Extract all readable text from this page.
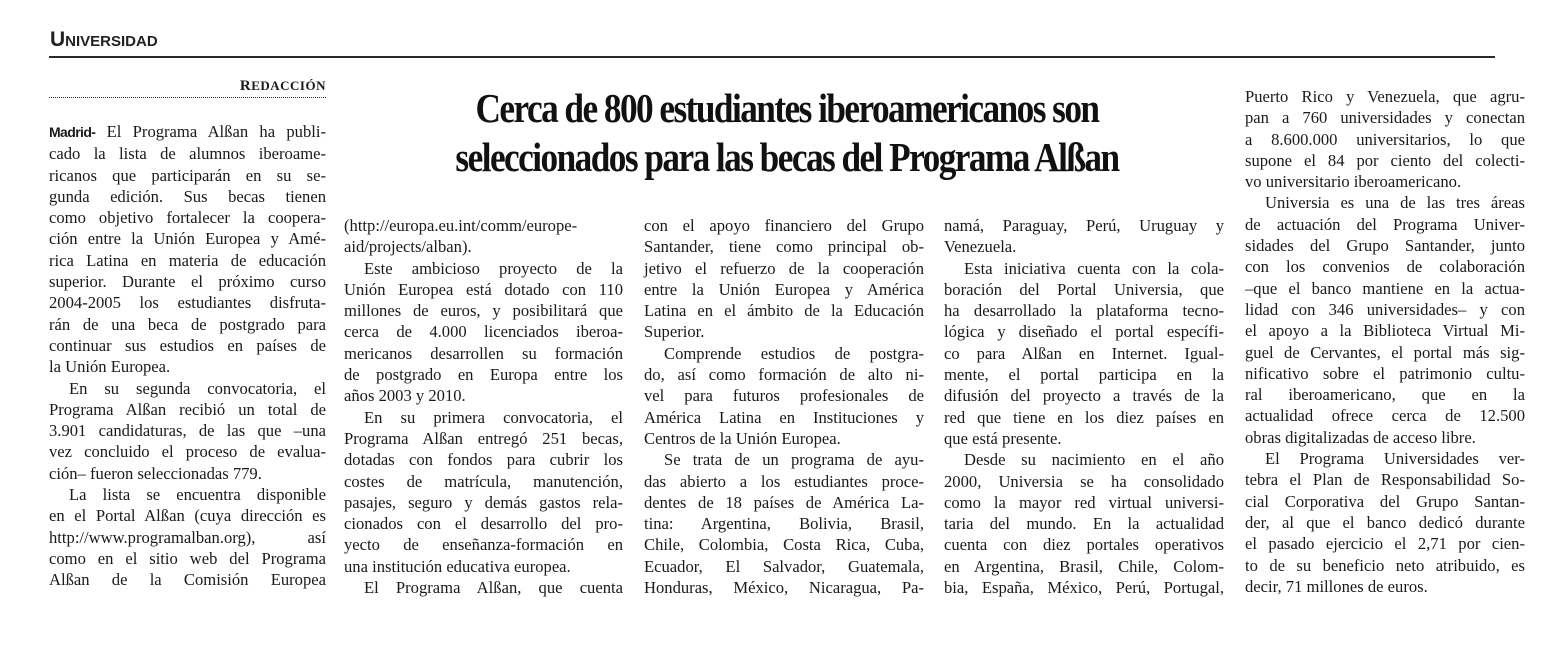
UNIVERSIDAD
REDACCIÓN	Cerca de 800 estudiantes iberoamericanos son
seleccionados para las becas del Programa Alßan
Madrid- El Programa Alßan ha publi-
cado la lista de alumnos iberoame-
ricanos que participarán en su se-
gunda edición. Sus becas tienen
como objetivo fortalecer la coopera-
ción entre la Unión Europea y Amé-
rica Latina en materia de educación
superior. Durante el próximo curso
2004-2005 los estudiantes disfruta-
rán de una beca de postgrado para
continuar sus estudios en países de
la Unión Europea.
En su segunda convocatoria, el
Programa Alßan recibió un total de
3.901 candidaturas, de las que –una
vez concluido el proceso de evalua-
ción– fueron seleccionadas 779.
La lista se encuentra disponible
en el Portal Alßan (cuya dirección es
http://www.programalban.org), así
como en el sitio web del Programa
Alßan de la Comisión Europea
(http://europa.eu.int/comm/europe-
aid/projects/alban).
Este ambicioso proyecto de la
Unión Europea está dotado con 110
millones de euros, y posibilitará que
cerca de 4.000 licenciados iberoa-
mericanos desarrollen su formación
de postgrado en Europa entre los
años 2003 y 2010.
En su primera convocatoria, el
Programa Alßan entregó 251 becas,
dotadas con fondos para cubrir los
costes de matrícula, manutención,
pasajes, seguro y demás gastos rela-
cionados con el desarrollo del pro-
yecto de enseñanza-formación en
una institución educativa europea.
El Programa Alßan, que cuenta
con el apoyo financiero del Grupo
Santander, tiene como principal ob-
jetivo el refuerzo de la cooperación
entre la Unión Europea y América
Latina en el ámbito de la Educación
Superior.
Comprende estudios de postgra-
do, así como formación de alto ni-
vel para futuros profesionales de
América Latina en Instituciones y
Centros de la Unión Europea.
Se trata de un programa de ayu-
das abierto a los estudiantes proce-
dentes de 18 países de América La-
tina: Argentina, Bolivia, Brasil,
Chile, Colombia, Costa Rica, Cuba,
Ecuador, El Salvador, Guatemala,
Honduras, México, Nicaragua, Pa-
namá, Paraguay, Perú, Uruguay y
Venezuela.
Esta iniciativa cuenta con la cola-
boración del Portal Universia, que
ha desarrollado la plataforma tecno-
lógica y diseñado el portal específi-
co para Alßan en Internet. Igual-
mente, el portal participa en la
difusión del proyecto a través de la
red que tiene en los diez países en
que está presente.
Desde su nacimiento en el año
2000, Universia se ha consolidado
como la mayor red virtual universi-
taria del mundo. En la actualidad
cuenta con diez portales operativos
en Argentina, Brasil, Chile, Colom-
bia, España, México, Perú, Portugal,
Puerto Rico y Venezuela, que agru-
pan a 760 universidades y conectan
a 8.600.000 universitarios, lo que
supone el 84 por ciento del colecti-
vo universitario iberoamericano.
Universia es una de las tres áreas
de actuación del Programa Univer-
sidades del Grupo Santander, junto
con los convenios de colaboración
–que el banco mantiene en la actua-
lidad con 346 universidades– y con
el apoyo a la Biblioteca Virtual Mi-
guel de Cervantes, el portal más sig-
nificativo sobre el patrimonio cultu-
ral iberoamericano, que en la
actualidad ofrece cerca de 12.500
obras digitalizadas de acceso libre.
El Programa Universidades ver-
tebra el Plan de Responsabilidad So-
cial Corporativa del Grupo Santan-
der, al que el banco dedicó durante
el pasado ejercicio el 2,71 por cien-
to de su beneficio neto atribuido, es
decir, 71 millones de euros.
